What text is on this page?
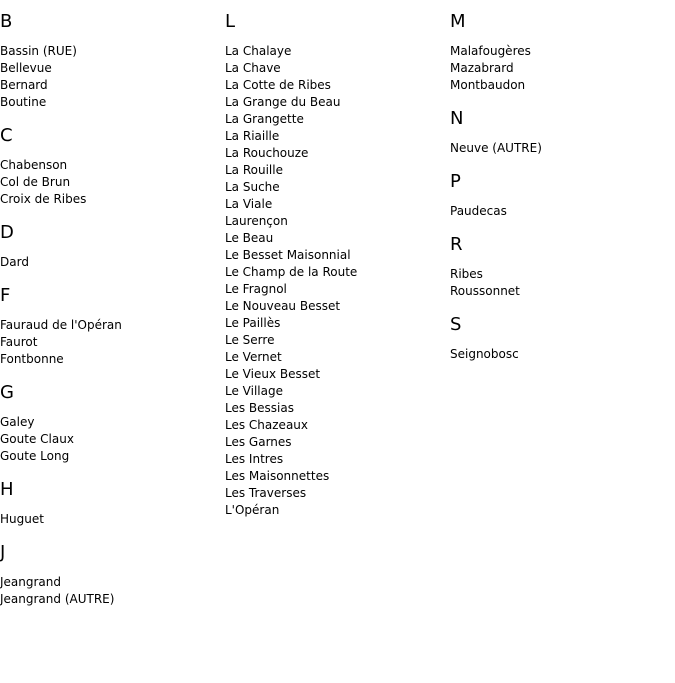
B
Bassin (RUE)
Bellevue
Bernard
Boutine
C
Chabenson
Col de Brun
Croix de Ribes
D
Dard
F
Fauraud de l'Opéran
Faurot
Fontbonne
G
Galey
Goute Claux
Goute Long
H
Huguet
J
Jeangrand
Jeangrand (AUTRE)
L
La Chalaye
La Chave
La Cotte de Ribes
La Grange du Beau
La Grangette
La Riaille
La Rouchouze
La Rouille
La Suche
La Viale
Laurençon
Le Beau
Le Besset Maisonnial
Le Champ de la Route
Le Fragnol
Le Nouveau Besset
Le Paillès
Le Serre
Le Vernet
Le Vieux Besset
Le Village
Les Bessias
Les Chazeaux
Les Garnes
Les Intres
Les Maisonnettes
Les Traverses
L'Opéran
M
Malafougères
Mazabrard
Montbaudon
N
Neuve (AUTRE)
P
Paudecas
R
Ribes
Roussonnet
S
Seignobosc
